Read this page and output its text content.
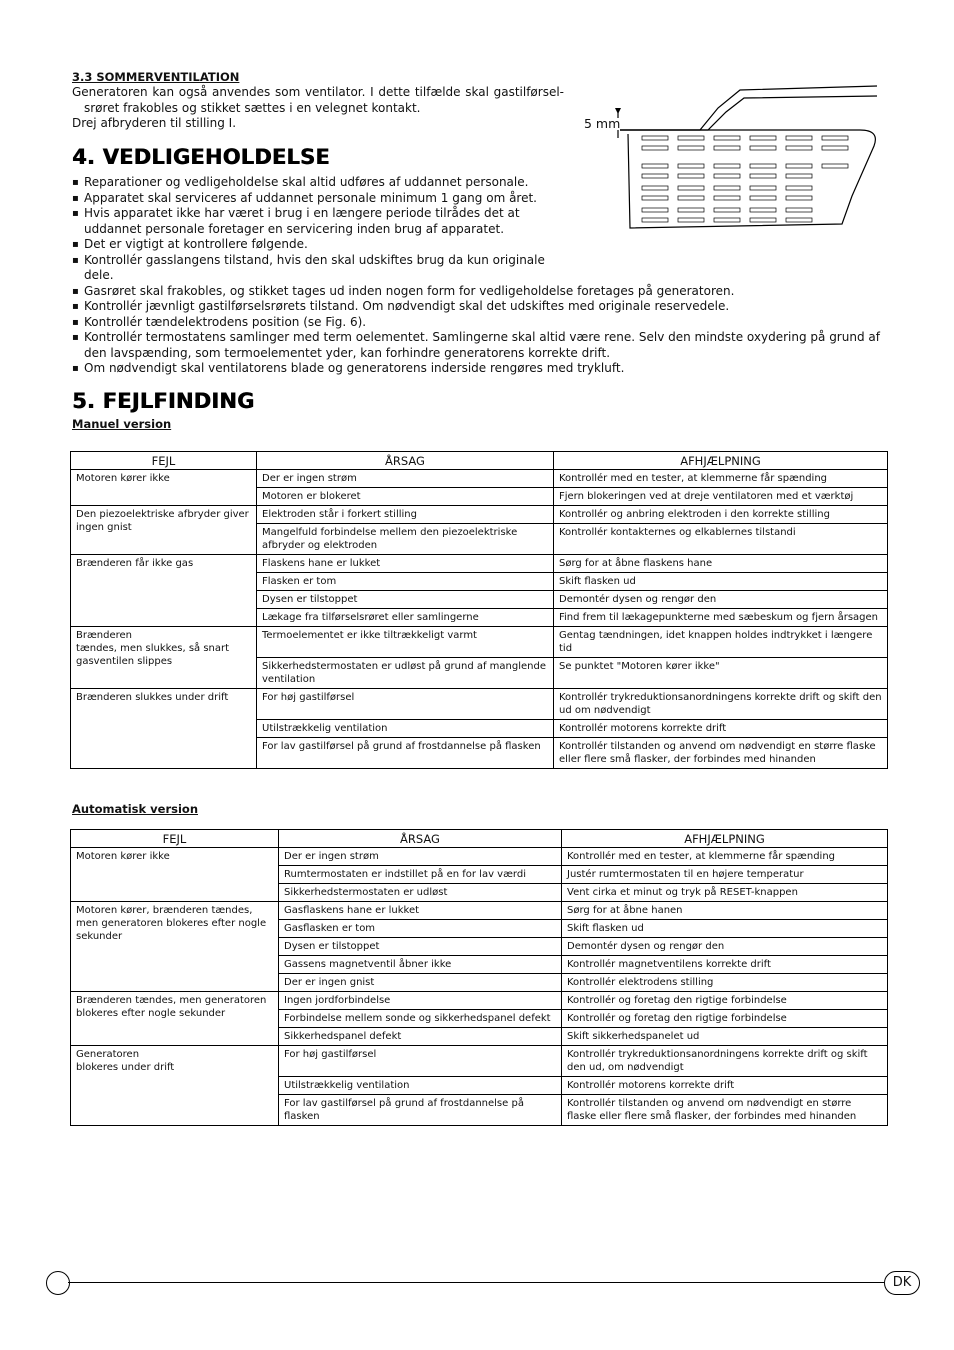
3.3 SOMMERVENTILATION
Generatoren kan også anvendes som ventilator. I dette tilfælde skal gastilførsel-
srøret frakobles og stikket sættes i en velegnet kontakt.
Drej afbryderen til stilling I.	5 mm
4. VEDLIGEHOLDELSE
▪ Reparationer og vedligeholdelse skal altid udføres af uddannet personale.
▪ Apparatet skal serviceres af uddannet personale minimum 1 gang om året.
▪ Hvis apparatet ikke har været i brug i en længere periode tilrådes det at uddannet personale foretager en servicering inden brug af apparatet.
▪ Det er vigtigt at kontrollere følgende.
▪ Kontrollér gasslangens tilstand, hvis den skal udskiftes brug da kun originale dele.
▪ Gasrøret skal frakobles, og stikket tages ud inden nogen form for vedligeholdelse foretages på generatoren.
▪ Kontrollér jævnligt gastilførselsrørets tilstand. Om nødvendigt skal det udskiftes med originale reservedele.
▪ Kontrollér tændelektrodens position (se Fig. 6).
▪ Kontrollér termostatens samlinger med term oelementet. Samlingerne skal altid være rene. Selv den mindste oxydering på grund af den lavspænding, som termoelementet yder, kan forhindre generatorens korrekte drift.
▪ Om nødvendigt skal ventilatorens blade og generatorens inderside rengøres med trykluft.
5. FEJLFINDING
Manuel version
FEJL	ÅRSAG	AFHJÆLPNING
Motoren kører ikke	Der er ingen strøm	Kontrollér med en tester, at klemmerne får spænding
	Motoren er blokeret	Fjern blokeringen ved at dreje ventilatoren med et værktøj
Den piezoelektriske afbryder giver ingen gnist	Elektroden står i forkert stilling	Kontrollér og anbring elektroden i den korrekte stilling
	Mangelfuld forbindelse mellem den piezoelektriske afbryder og elektroden	Kontrollér kontakternes og elkablernes tilstandi
Brænderen får ikke gas	Flaskens hane er lukket	Sørg for at åbne flaskens hane
	Flasken er tom	Skift flasken ud
	Dysen er tilstoppet	Demontér dysen og rengør den
	Lækage fra tilførselsrøret eller samlingerne	Find frem til lækagepunkterne med sæbeskum og fjern årsagen
Brænderen
tændes, men slukkes, så snart gasventilen slippes	Termoelementet er ikke tiltrækkeligt varmt	Gentag tændningen, idet knappen holdes indtrykket i længere tid
	Sikkerhedstermostaten er udløst på grund af manglende ventilation	Se punktet "Motoren kører ikke"
Brænderen slukkes under drift	For høj gastilførsel	Kontrollér trykreduktionsanordningens korrekte drift og skift den ud om nødvendigt
	Utilstrækkelig ventilation	Kontrollér motorens korrekte drift
	For lav gastilførsel på grund af frostdannelse på flasken	Kontrollér tilstanden og anvend om nødvendigt en større flaske eller flere små flasker, der forbindes med hinanden
Automatisk version
FEJL	ÅRSAG	AFHJÆLPNING
Motoren kører ikke	Der er ingen strøm	Kontrollér med en tester, at klemmerne får spænding
	Rumtermostaten er indstillet på en for lav værdi	Justér rumtermostaten til en højere temperatur
	Sikkerhedstermostaten er udløst	Vent cirka et minut og tryk på RESET-knappen
Motoren kører, brænderen tændes, men generatoren blokeres efter nogle sekunder	Gasflaskens hane er lukket	Sørg for at åbne hanen
	Gasflasken er tom	Skift flasken ud
	Dysen er tilstoppet	Demontér dysen og rengør den
	Gassens magnetventil åbner ikke	Kontrollér magnetventilens korrekte drift
	Der er ingen gnist	Kontrollér elektrodens stilling
Brænderen tændes, men generatoren blokeres efter nogle sekunder	Ingen jordforbindelse	Kontrollér og foretag den rigtige forbindelse
	Forbindelse mellem sonde og sikkerhedspanel defekt	Kontrollér og foretag den rigtige forbindelse
	Sikkerhedspanel defekt	Skift sikkerhedspanelet ud
Generatoren
blokeres under drift	For høj gastilførsel	Kontrollér trykreduktionsanordningens korrekte drift og skift den ud, om nødvendigt
	Utilstrækkelig ventilation	Kontrollér motorens korrekte drift
	For lav gastilførsel på grund af frostdannelse på flasken	Kontrollér tilstanden og anvend om nødvendigt en større flaske eller flere små flasker, der forbindes med hinanden
DK
